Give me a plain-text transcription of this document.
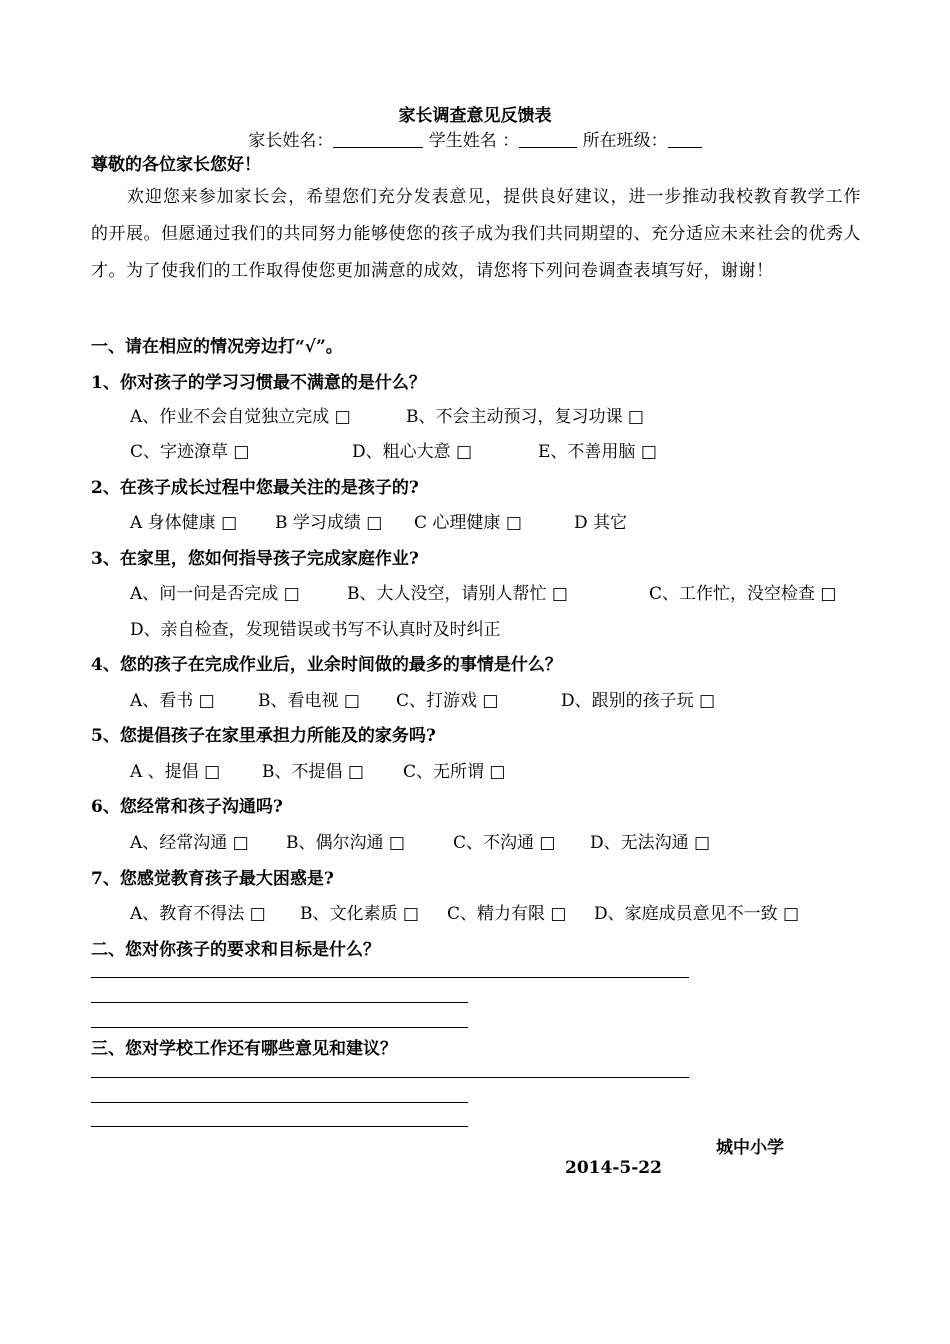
家长调查意见反馈表
家长姓名：	学生姓名 ：	所在班级：
尊敬的各位家长您好！
欢迎您来参加家长会，希望您们充分发表意见，提供良好建议，进一步推动我校教育教学工作的开展。但愿通过我们的共同努力能够使您的孩子成为我们共同期望的、充分适应未来社会的优秀人才。为了使我们的工作取得使您更加满意的成效，请您将下列问卷调查表填写好，谢谢！
一、请在相应的情况旁边打“√”。
1、你对孩子的学习习惯最不满意的是什么？
A、作业不会自觉独立完成 □	B、不会主动预习，复习功课 □
C、字迹潦草 □	D、粗心大意 □	E、不善用脑 □
2、在孩子成长过程中您最关注的是孩子的?
A 身体健康 □ B 学习成绩 □ C 心理健康 □	D 其它
3、在家里，您如何指导孩子完成家庭作业?
A、问一问是否完成 □	B、大人没空，请别人帮忙 □	C、工作忙，没空检查 □
D、亲自检查，发现错误或书写不认真时及时纠正
4、您的孩子在完成作业后，业余时间做的最多的事情是什么？
A、看书 □	B、看电视 □ C、打游戏 □	D、跟别的孩子玩 □
5、您提倡孩子在家里承担力所能及的家务吗?
A 、提倡 □ B、不提倡 □ C、无所谓 □
6、您经常和孩子沟通吗?
A、经常沟通 □ B、偶尔沟通 □	C、不沟通 □ D、无法沟通 □
7、您感觉教育孩子最大困惑是?
A、教育不得法 □ B、文化素质 □ C、精力有限 □ D、家庭成员意见不一致 □
二、您对你孩子的要求和目标是什么？
三、您对学校工作还有哪些意见和建议？
城中小学
2014-5-22
